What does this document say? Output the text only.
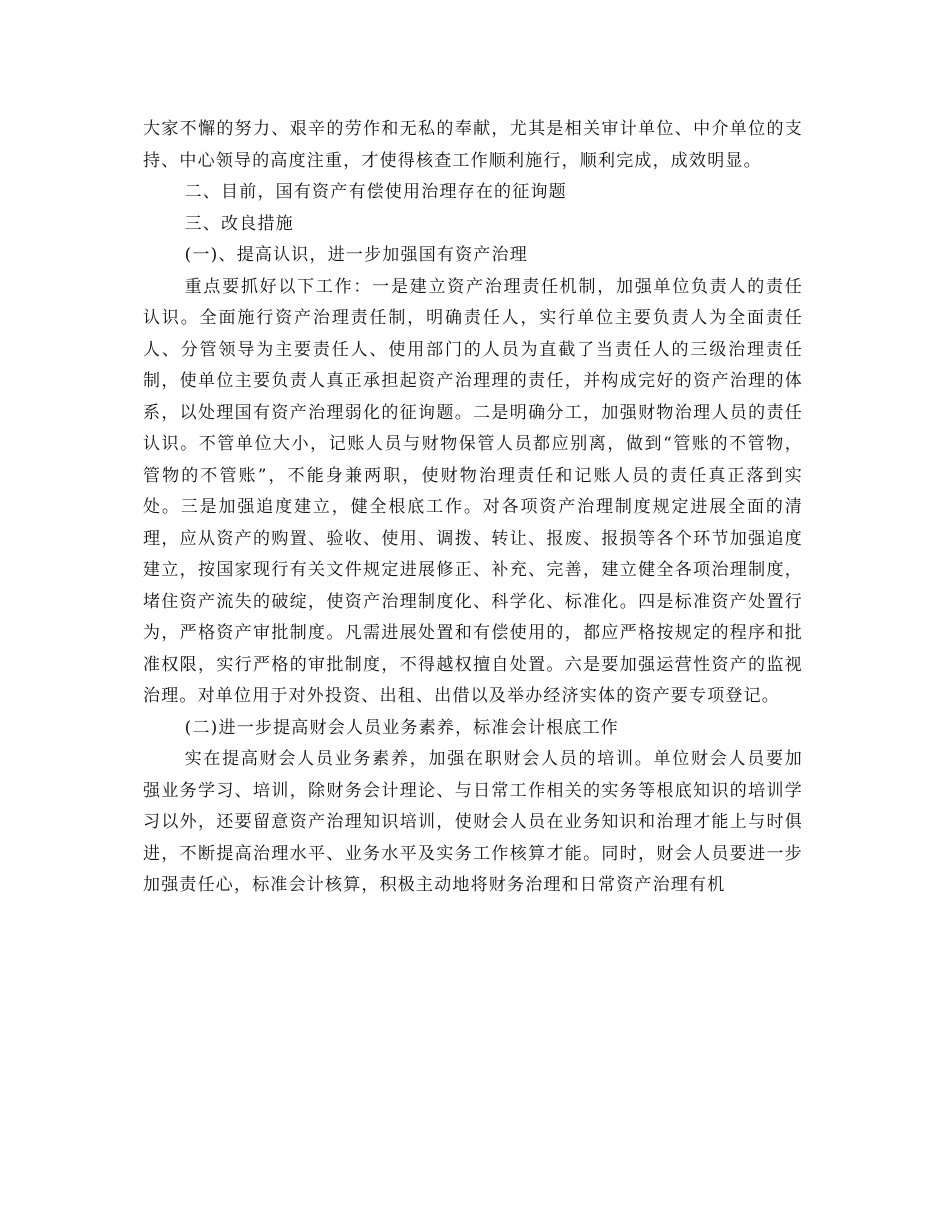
大家不懈的努力、艰辛的劳作和无私的奉献，尤其是相关审计单位、中介单位的支持、中心领导的高度注重，才使得核查工作顺利施行，顺利完成，成效明显。

二、目前，国有资产有偿使用治理存在的征询题

三、改良措施

(一)、提高认识，进一步加强国有资产治理

重点要抓好以下工作：一是建立资产治理责任机制，加强单位负责人的责任认识。全面施行资产治理责任制，明确责任人，实行单位主要负责人为全面责任人、分管领导为主要责任人、使用部门的人员为直截了当责任人的三级治理责任制，使单位主要负责人真正承担起资产治理理的责任，并构成完好的资产治理的体系，以处理国有资产治理弱化的征询题。二是明确分工，加强财物治理人员的责任认识。不管单位大小，记账人员与财物保管人员都应别离，做到“管账的不管物，管物的不管账”，不能身兼两职，使财物治理责任和记账人员的责任真正落到实处。三是加强追度建立，健全根底工作。对各项资产治理制度规定进展全面的清理，应从资产的购置、验收、使用、调拨、转让、报废、报损等各个环节加强追度建立，按国家现行有关文件规定进展修正、补充、完善，建立健全各项治理制度，堵住资产流失的破绽，使资产治理制度化、科学化、标准化。四是标准资产处置行为，严格资产审批制度。凡需进展处置和有偿使用的，都应严格按规定的程序和批准权限，实行严格的审批制度，不得越权擅自处置。六是要加强运营性资产的监视治理。对单位用于对外投资、出租、出借以及举办经济实体的资产要专项登记。

(二)进一步提高财会人员业务素养，标准会计根底工作

实在提高财会人员业务素养，加强在职财会人员的培训。单位财会人员要加强业务学习、培训，除财务会计理论、与日常工作相关的实务等根底知识的培训学习以外，还要留意资产治理知识培训，使财会人员在业务知识和治理才能上与时俱进，不断提高治理水平、业务水平及实务工作核算才能。同时，财会人员要进一步加强责任心，标准会计核算，积极主动地将财务治理和日常资产治理有机
